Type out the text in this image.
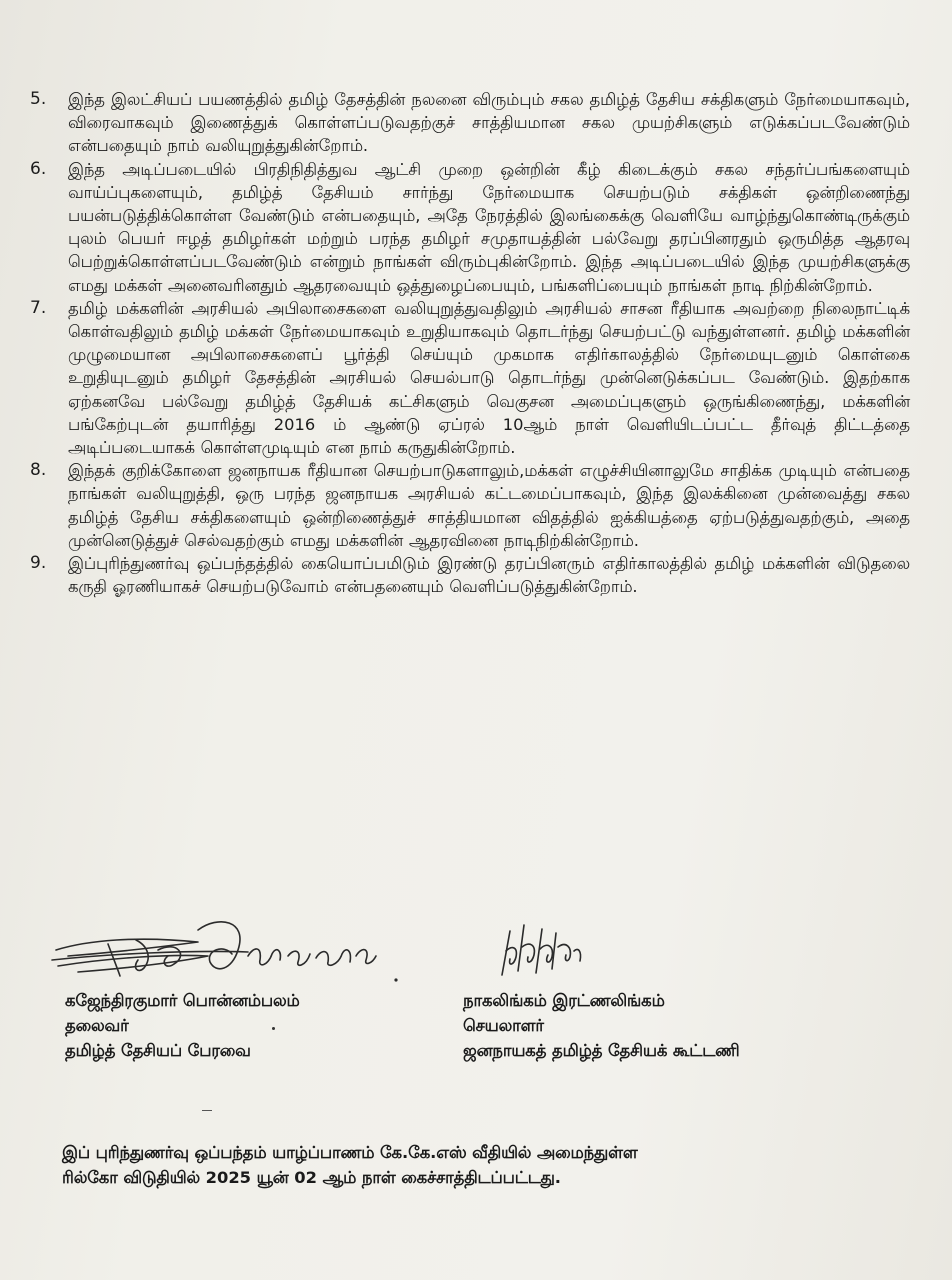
5.	இந்த இலட்சியப் பயணத்தில் தமிழ் தேசத்தின் நலனை விரும்பும் சகல தமிழ்த் தேசிய சக்திகளும் நேர்மையாகவும், விரைவாகவும் இணைத்துக் கொள்ளப்படுவதற்குச் சாத்தியமான சகல முயற்சிகளும் எடுக்கப்படவேண்டும் என்பதையும் நாம் வலியுறுத்துகின்றோம்.
6.	இந்த அடிப்படையில் பிரதிநிதித்துவ ஆட்சி முறை ஒன்றின் கீழ் கிடைக்கும் சகல சந்தர்ப்பங்களையும் வாய்ப்புகளையும், தமிழ்த் தேசியம் சார்ந்து நேர்மையாக செயற்படும் சக்திகள் ஒன்றிணைந்து பயன்படுத்திக்கொள்ள வேண்டும் என்பதையும், அதே நேரத்தில் இலங்கைக்கு வெளியே வாழ்ந்துகொண்டிருக்கும் புலம் பெயர் ஈழத் தமிழர்கள் மற்றும் பரந்த தமிழர் சமுதாயத்தின் பல்வேறு தரப்பினரதும் ஒருமித்த ஆதரவு பெற்றுக்கொள்ளப்படவேண்டும் என்றும் நாங்கள் விரும்புகின்றோம். இந்த அடிப்படையில் இந்த முயற்சிகளுக்கு எமது மக்கள் அனைவரினதும் ஆதரவையும் ஒத்துழைப்பையும், பங்களிப்பையும் நாங்கள் நாடி நிற்கின்றோம்.
7.	தமிழ் மக்களின் அரசியல் அபிலாசைகளை வலியுறுத்துவதிலும் அரசியல் சாசன ரீதியாக அவற்றை நிலைநாட்டிக் கொள்வதிலும் தமிழ் மக்கள் நேர்மையாகவும் உறுதியாகவும் தொடர்ந்து செயற்பட்டு வந்துள்ளனர். தமிழ் மக்களின் முழுமையான அபிலாசைகளைப் பூர்த்தி செய்யும் முகமாக எதிர்காலத்தில் நேர்மையுடனும் கொள்கை உறுதியுடனும் தமிழர் தேசத்தின் அரசியல் செயல்பாடு தொடர்ந்து முன்னெடுக்கப்பட வேண்டும். இதற்காக ஏற்கனவே பல்வேறு தமிழ்த் தேசியக் கட்சிகளும் வெகுசன அமைப்புகளும் ஒருங்கிணைந்து, மக்களின் பங்கேற்புடன் தயாரித்து 2016 ம் ஆண்டு ஏப்ரல் 10ஆம் நாள் வெளியிடப்பட்ட தீர்வுத் திட்டத்தை அடிப்படையாகக் கொள்ளமுடியும் என நாம் கருதுகின்றோம்.
8.	இந்தக் குறிக்கோளை ஜனநாயக ரீதியான செயற்பாடுகளாலும்,மக்கள் எழுச்சியினாலுமே சாதிக்க முடியும் என்பதை நாங்கள் வலியுறுத்தி, ஒரு பரந்த ஜனநாயக அரசியல் கட்டமைப்பாகவும், இந்த இலக்கினை முன்வைத்து சகல தமிழ்த் தேசிய சக்திகளையும் ஒன்றிணைத்துச் சாத்தியமான விதத்தில் ஐக்கியத்தை ஏற்படுத்துவதற்கும், அதை முன்னெடுத்துச் செல்வதற்கும் எமது மக்களின் ஆதரவினை நாடிநிற்கின்றோம்.
9.	இப்புரிந்துணர்வு ஒப்பந்தத்தில் கையொப்பமிடும் இரண்டு தரப்பினரும் எதிர்காலத்தில் தமிழ் மக்களின் விடுதலை கருதி ஓரணியாகச் செயற்படுவோம் என்பதனையும் வெளிப்படுத்துகின்றோம்.
கஜேந்திரகுமார் பொன்னம்பலம்
தலைவர்
தமிழ்த் தேசியப் பேரவை
நாகலிங்கம் இரட்ணலிங்கம்
செயலாளர்
ஜனநாயகத் தமிழ்த் தேசியக் கூட்டணி
இப் புரிந்துணர்வு ஒப்பந்தம் யாழ்ப்பாணம் கே.கே.எஸ் வீதியில் அமைந்துள்ள
ரில்கோ விடுதியில் 2025 யூன் 02 ஆம் நாள் கைச்சாத்திடப்பட்டது.
